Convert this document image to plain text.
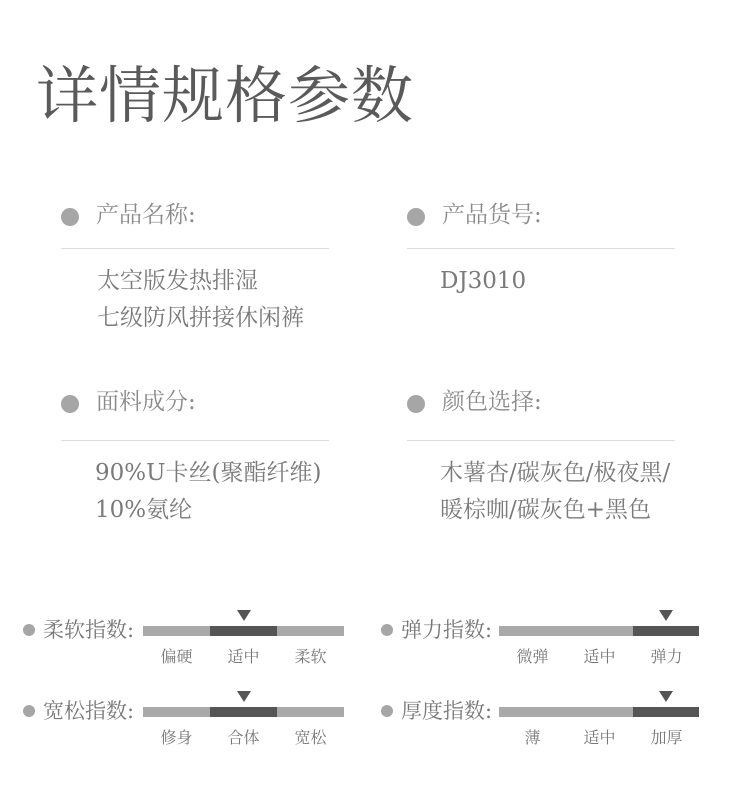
详情规格参数
产品名称:
太空版发热排湿
七级防风拼接休闲裤
产品货号:
DJ3010
面料成分:
90%U卡丝(聚酯纤维)
10%氨纶
颜色选择:
木薯杏/碳灰色/极夜黑/
暖棕咖/碳灰色+黑色
柔软指数:
偏硬	适中	柔软
弹力指数:
微弹	适中	弹力
宽松指数:
修身	合体	宽松
厚度指数:
薄	适中	加厚
